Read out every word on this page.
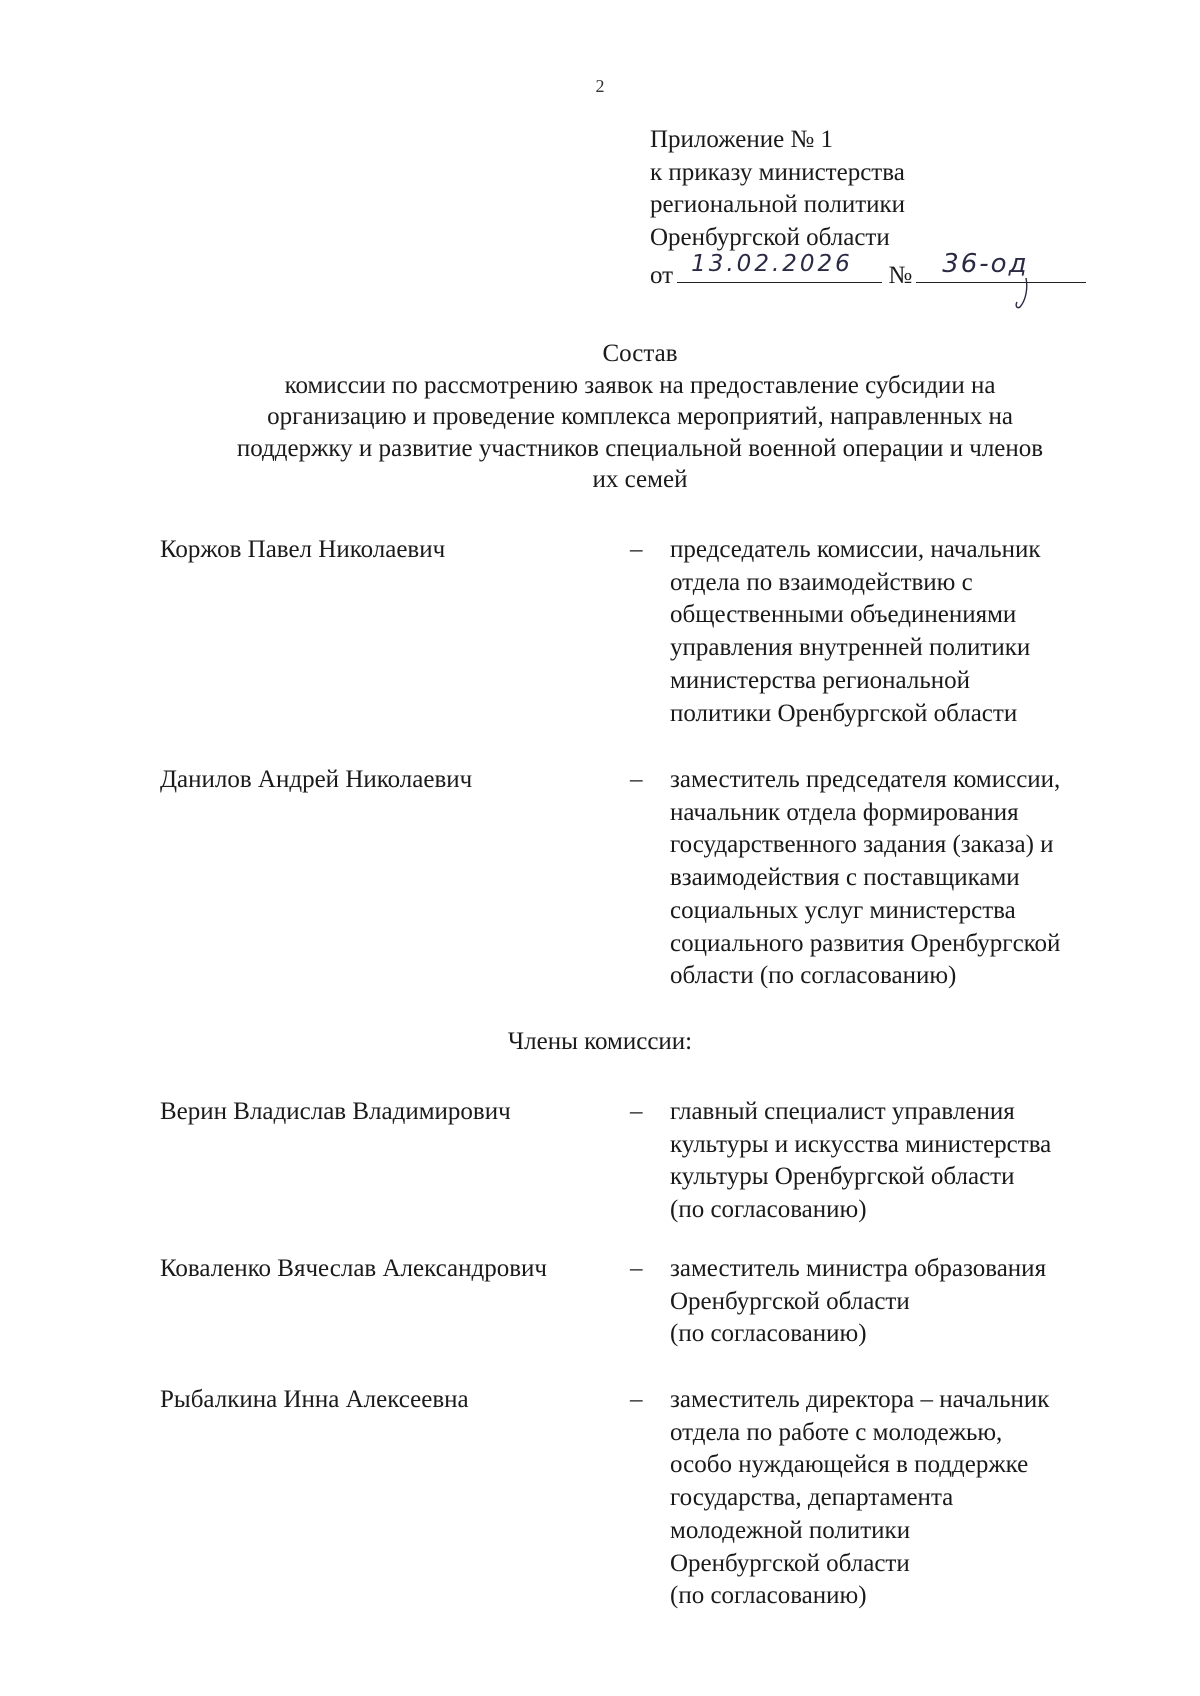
2
Приложение № 1
к приказу министерства
региональной политики
Оренбургской области
от 13.02.2026 № 36-од
Состав
комиссии по рассмотрению заявок на предоставление субсидии на
организацию и проведение комплекса мероприятий, направленных на
поддержку и развитие участников специальной военной операции и членов
их семей
Коржов Павел Николаевич	– председатель комиссии, начальник
отдела по взаимодействию с
общественными объединениями
управления внутренней политики
министерства региональной
политики Оренбургской области
Данилов Андрей Николаевич	– заместитель председателя комиссии,
начальник отдела формирования
государственного задания (заказа) и
взаимодействия с поставщиками
социальных услуг министерства
социального развития Оренбургской
области (по согласованию)
Члены комиссии:
Верин Владислав Владимирович	– главный специалист управления
культуры и искусства министерства
культуры Оренбургской области
(по согласованию)
Коваленко Вячеслав Александрович	– заместитель министра образования
Оренбургской области
(по согласованию)
Рыбалкина Инна Алексеевна	– заместитель директора – начальник
отдела по работе с молодежью,
особо нуждающейся в поддержке
государства, департамента
молодежной политики
Оренбургской области
(по согласованию)
